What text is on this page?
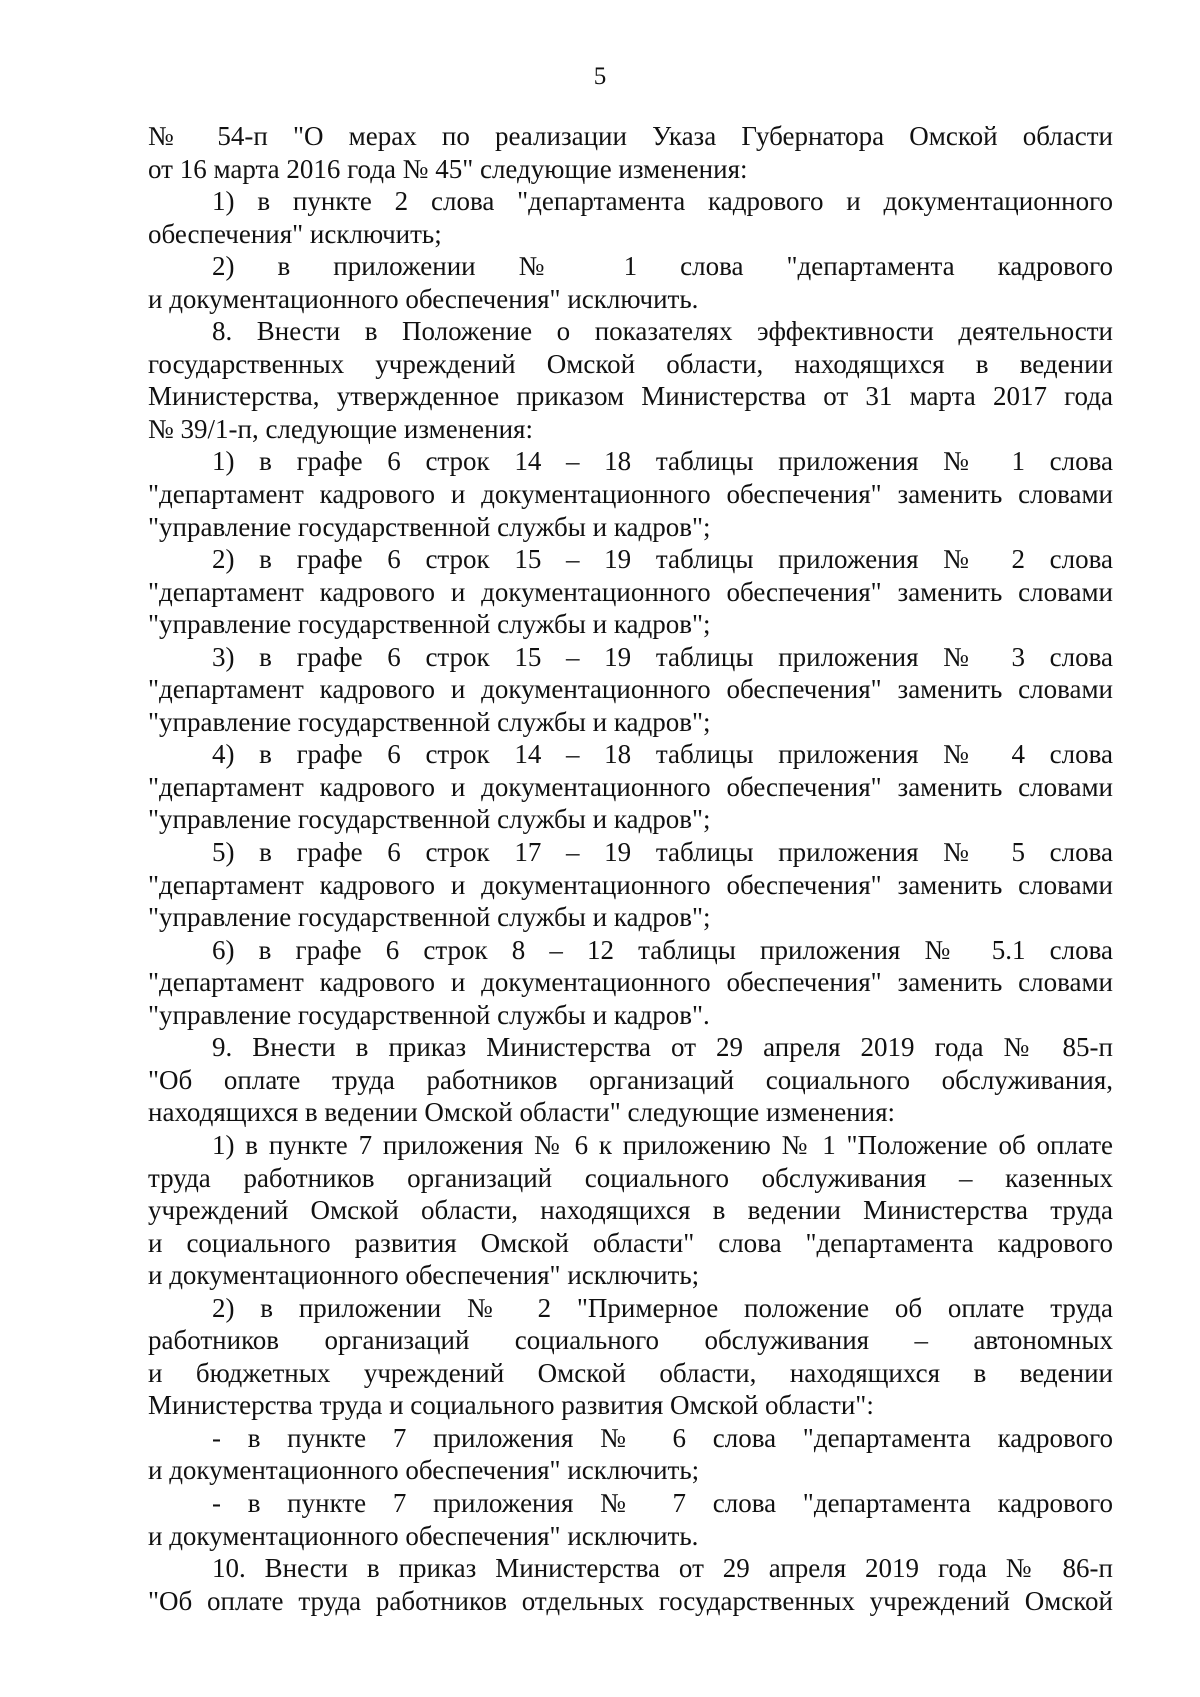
5
№ 54-п "О мерах по реализации Указа Губернатора Омской области
от 16 марта 2016 года № 45" следующие изменения:
1) в пункте 2 слова "департамента кадрового и документационного
обеспечения" исключить;
2) в приложении № 1 слова "департамента кадрового
и документационного обеспечения" исключить.
8. Внести в Положение о показателях эффективности деятельности
государственных учреждений Омской области, находящихся в ведении
Министерства, утвержденное приказом Министерства от 31 марта 2017 года
№ 39/1-п, следующие изменения:
1) в графе 6 строк 14 – 18 таблицы приложения № 1 слова
"департамент кадрового и документационного обеспечения" заменить словами
"управление государственной службы и кадров";
2) в графе 6 строк 15 – 19 таблицы приложения № 2 слова
"департамент кадрового и документационного обеспечения" заменить словами
"управление государственной службы и кадров";
3) в графе 6 строк 15 – 19 таблицы приложения № 3 слова
"департамент кадрового и документационного обеспечения" заменить словами
"управление государственной службы и кадров";
4) в графе 6 строк 14 – 18 таблицы приложения № 4 слова
"департамент кадрового и документационного обеспечения" заменить словами
"управление государственной службы и кадров";
5) в графе 6 строк 17 – 19 таблицы приложения № 5 слова
"департамент кадрового и документационного обеспечения" заменить словами
"управление государственной службы и кадров";
6) в графе 6 строк 8 – 12 таблицы приложения № 5.1 слова
"департамент кадрового и документационного обеспечения" заменить словами
"управление государственной службы и кадров".
9. Внести в приказ Министерства от 29 апреля 2019 года № 85-п
"Об оплате труда работников организаций социального обслуживания,
находящихся в ведении Омской области" следующие изменения:
1) в пункте 7 приложения № 6 к приложению № 1 "Положение об оплате
труда работников организаций социального обслуживания – казенных
учреждений Омской области, находящихся в ведении Министерства труда
и социального развития Омской области" слова "департамента кадрового
и документационного обеспечения" исключить;
2) в приложении № 2 "Примерное положение об оплате труда
работников организаций социального обслуживания – автономных
и бюджетных учреждений Омской области, находящихся в ведении
Министерства труда и социального развития Омской области":
- в пункте 7 приложения № 6 слова "департамента кадрового
и документационного обеспечения" исключить;
- в пункте 7 приложения № 7 слова "департамента кадрового
и документационного обеспечения" исключить.
10. Внести в приказ Министерства от 29 апреля 2019 года № 86-п
"Об оплате труда работников отдельных государственных учреждений Омской
